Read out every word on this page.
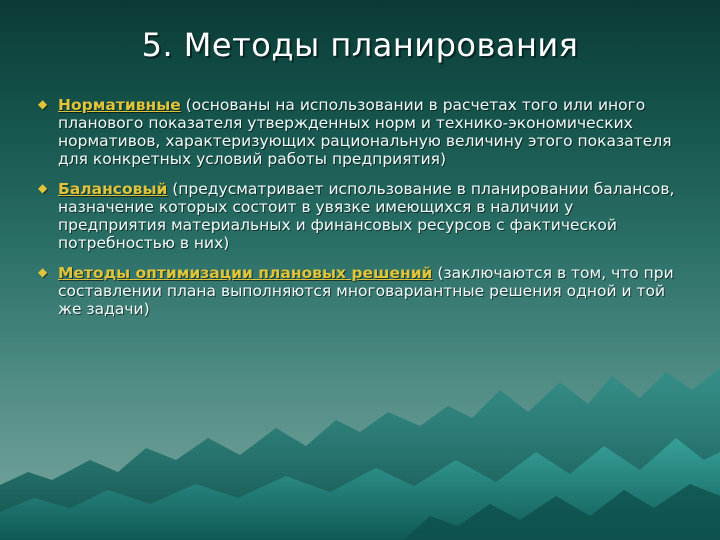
5. Методы планирования
◆ Нормативные (основаны на использовании в расчетах того или иного планового показателя утвержденных норм и технико-экономических нормативов, характеризующих рациональную величину этого показателя для конкретных условий работы предприятия)
◆ Балансовый (предусматривает использование в планировании балансов, назначение которых состоит в увязке имеющихся в наличии у предприятия материальных и финансовых ресурсов с фактической потребностью в них)
◆ Методы оптимизации плановых решений (заключаются в том, что при составлении плана выполняются многовариантные решения одной и той же задачи)
